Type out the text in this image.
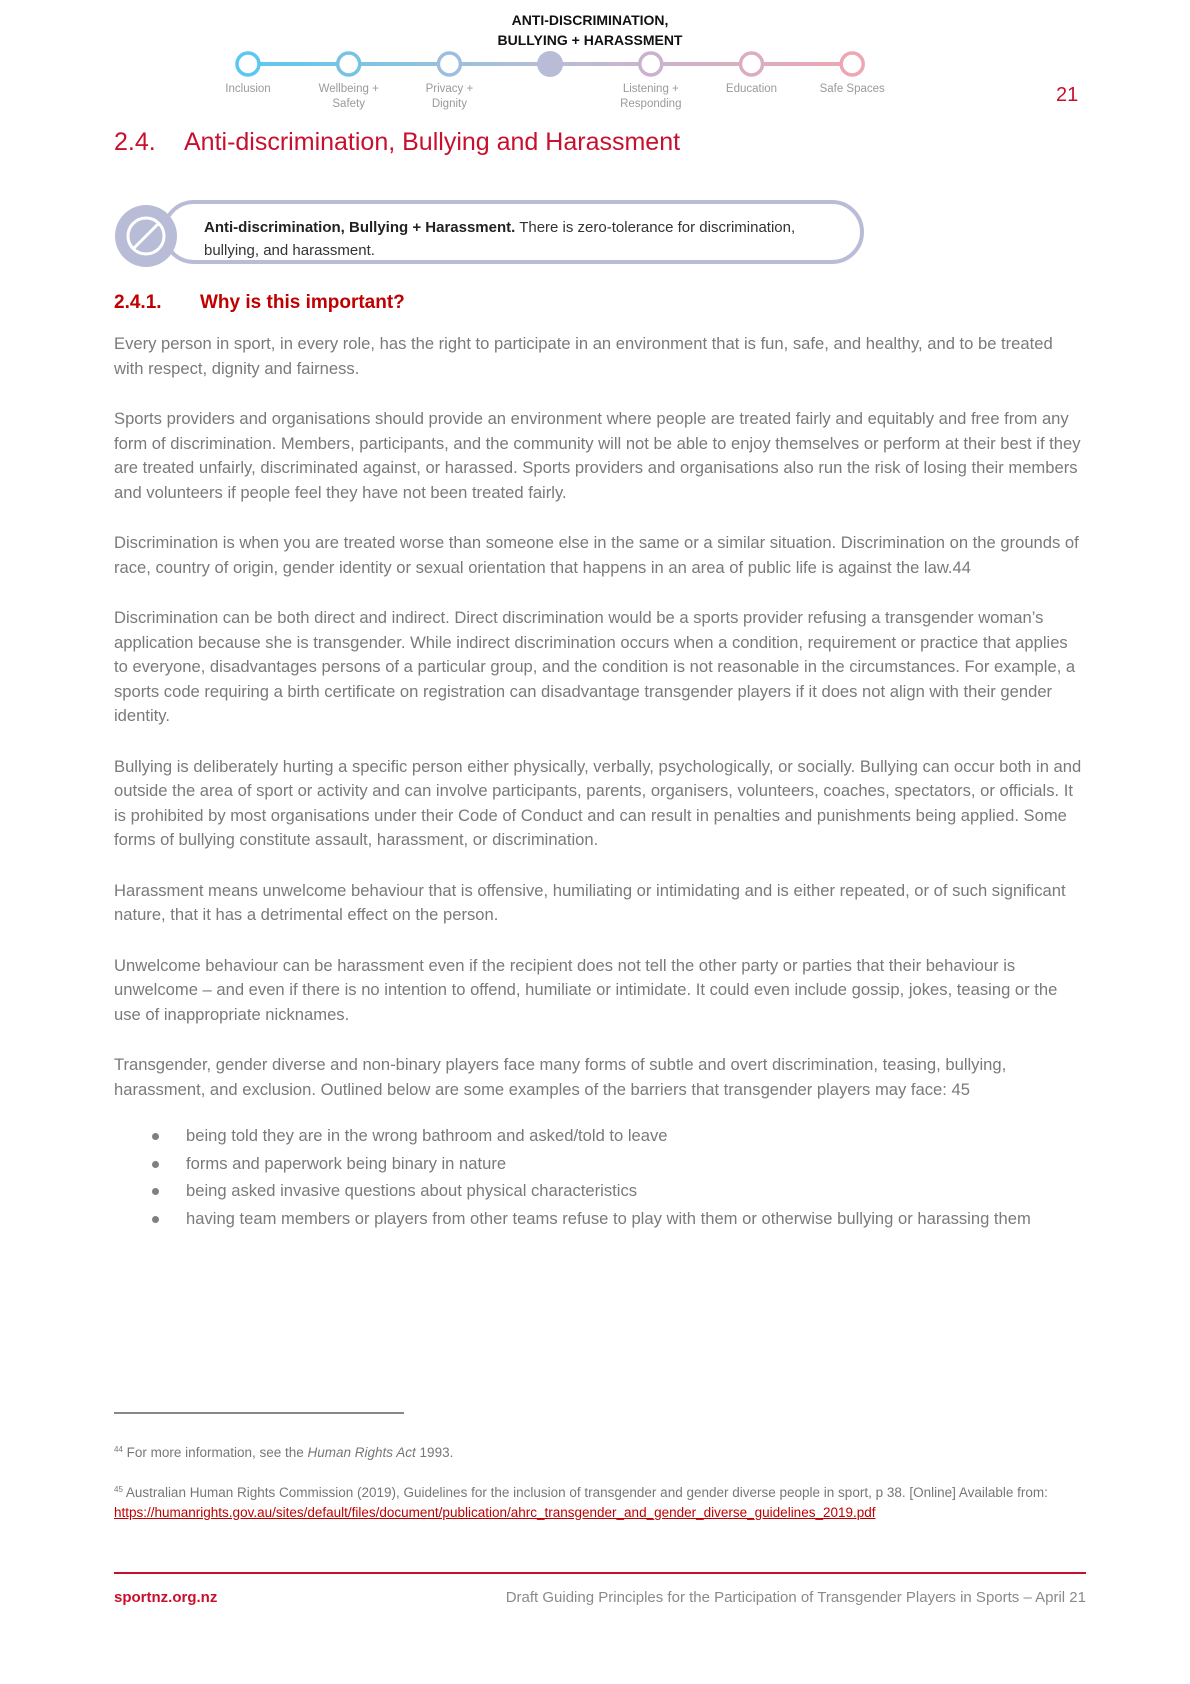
ANTI-DISCRIMINATION,
BULLYING + HARASSMENT
Inclusion	Wellbeing +
Safety
Privacy +
Dignity
Listening +
Responding
Education	Safe Spaces	21
2.4. Anti-discrimination, Bullying and Harassment
Anti-discrimination, Bullying + Harassment. There is zero-tolerance for discrimination, bullying, and harassment.
2.4.1. Why is this important?

Every person in sport, in every role, has the right to participate in an environment that is fun, safe, and healthy, and to be treated with respect, dignity and fairness.

Sports providers and organisations should provide an environment where people are treated fairly and equitably and free from any form of discrimination. Members, participants, and the community will not be able to enjoy themselves or perform at their best if they are treated unfairly, discriminated against, or harassed. Sports providers and organisations also run the risk of losing their members and volunteers if people feel they have not been treated fairly.

Discrimination is when you are treated worse than someone else in the same or a similar situation. Discrimination on the grounds of race, country of origin, gender identity or sexual orientation that happens in an area of public life is against the law.44

Discrimination can be both direct and indirect. Direct discrimination would be a sports provider refusing a transgender woman’s application because she is transgender. While indirect discrimination occurs when a condition, requirement or practice that applies to everyone, disadvantages persons of a particular group, and the condition is not reasonable in the circumstances. For example, a sports code requiring a birth certificate on registration can disadvantage transgender players if it does not align with their gender identity.

Bullying is deliberately hurting a specific person either physically, verbally, psychologically, or socially. Bullying can occur both in and outside the area of sport or activity and can involve participants, parents, organisers, volunteers, coaches, spectators, or officials. It is prohibited by most organisations under their Code of Conduct and can result in penalties and punishments being applied. Some forms of bullying constitute assault, harassment, or discrimination.

Harassment means unwelcome behaviour that is offensive, humiliating or intimidating and is either repeated, or of such significant nature, that it has a detrimental effect on the person.

Unwelcome behaviour can be harassment even if the recipient does not tell the other party or parties that their behaviour is unwelcome – and even if there is no intention to offend, humiliate or intimidate. It could even include gossip, jokes, teasing or the use of inappropriate nicknames.

Transgender, gender diverse and non-binary players face many forms of subtle and overt discrimination, teasing, bullying, harassment, and exclusion. Outlined below are some examples of the barriers that transgender players may face: 45

being told they are in the wrong bathroom and asked/told to leave
forms and paperwork being binary in nature
being asked invasive questions about physical characteristics
having team members or players from other teams refuse to play with them or otherwise bullying or harassing them
$^{44}$ For more information, see the Human Rights Act 1993.
$^{45}$ Australian Human Rights Commission (2019), Guidelines for the inclusion of transgender and gender diverse people in sport, p 38. [Online] Available from:
https://humanrights.gov.au/sites/default/files/document/publication/ahrc_transgender_and_gender_diverse_guidelines_2019.pdf
sportnz.org.nz	Draft Guiding Principles for the Participation of Transgender Players in Sports – April 21
